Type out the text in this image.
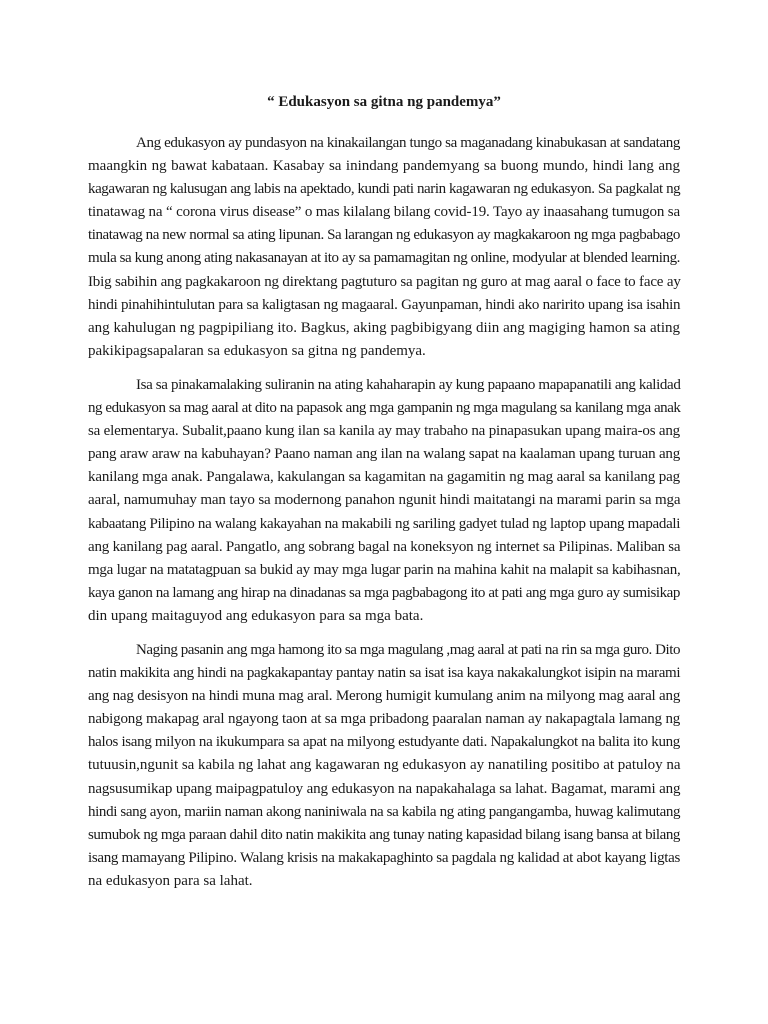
“ Edukasyon sa gitna ng pandemya”
Ang edukasyon ay pundasyon na kinakailangan tungo sa maganadang kinabukasan at sandatang
maangkin ng bawat kabataan. Kasabay sa inindang pandemyang sa buong mundo, hindi lang ang
kagawaran ng kalusugan ang labis na apektado, kundi pati narin kagawaran ng edukasyon. Sa pagkalat ng
tinatawag na “ corona virus disease” o mas kilalang bilang covid-19. Tayo ay inaasahang tumugon sa
tinatawag na new normal sa ating lipunan. Sa larangan ng edukasyon ay magkakaroon ng mga pagbabago
mula sa kung anong ating nakasanayan at ito ay sa pamamagitan ng online, modyular at blended learning.
Ibig sabihin ang pagkakaroon ng direktang pagtuturo sa pagitan ng guro at mag aaral o face to face ay
hindi pinahihintulutan para sa kaligtasan ng magaaral. Gayunpaman, hindi ako naririto upang isa isahin
ang kahulugan ng pagpipiliang ito. Bagkus, aking pagbibigyang diin ang magiging hamon sa ating
pakikipagsapalaran sa edukasyon sa gitna ng pandemya.
Isa sa pinakamalaking suliranin na ating kahaharapin ay kung papaano mapapanatili ang kalidad
ng edukasyon sa mag aaral at dito na papasok ang mga gampanin ng mga magulang sa kanilang mga anak
sa elementarya. Subalit,paano kung ilan sa kanila ay may trabaho na pinapasukan upang maira-os ang
pang araw araw na kabuhayan? Paano naman ang ilan na walang sapat na kaalaman upang turuan ang
kanilang mga anak. Pangalawa, kakulangan sa kagamitan na gagamitin ng mag aaral sa kanilang pag
aaral, namumuhay man tayo sa modernong panahon ngunit hindi maitatangi na marami parin sa mga
kabaatang Pilipino na walang kakayahan na makabili ng sariling gadyet tulad ng laptop upang mapadali
ang kanilang pag aaral. Pangatlo, ang sobrang bagal na koneksyon ng internet sa Pilipinas. Maliban sa
mga lugar na matatagpuan sa bukid ay may mga lugar parin na mahina kahit na malapit sa kabihasnan,
kaya ganon na lamang ang hirap na dinadanas sa mga pagbabagong ito at pati ang mga guro ay sumisikap
din upang maitaguyod ang edukasyon para sa mga bata.
Naging pasanin ang mga hamong ito sa mga magulang ,mag aaral at pati na rin sa mga guro. Dito
natin makikita ang hindi na pagkakapantay pantay natin sa isat isa kaya nakakalungkot isipin na marami
ang nag desisyon na hindi muna mag aral. Merong humigit kumulang anim na milyong mag aaral ang
nabigong makapag aral ngayong taon at sa mga pribadong paaralan naman ay nakapagtala lamang ng
halos isang milyon na ikukumpara sa apat na milyong estudyante dati. Napakalungkot na balita ito kung
tutuusin,ngunit sa kabila ng lahat ang kagawaran ng edukasyon ay nanatiling positibo at patuloy na
nagsusumikap upang maipagpatuloy ang edukasyon na napakahalaga sa lahat. Bagamat, marami ang
hindi sang ayon, mariin naman akong naniniwala na sa kabila ng ating pangangamba, huwag kalimutang
sumubok ng mga paraan dahil dito natin makikita ang tunay nating kapasidad bilang isang bansa at bilang
isang mamayang Pilipino. Walang krisis na makakapaghinto sa pagdala ng kalidad at abot kayang ligtas
na edukasyon para sa lahat.
